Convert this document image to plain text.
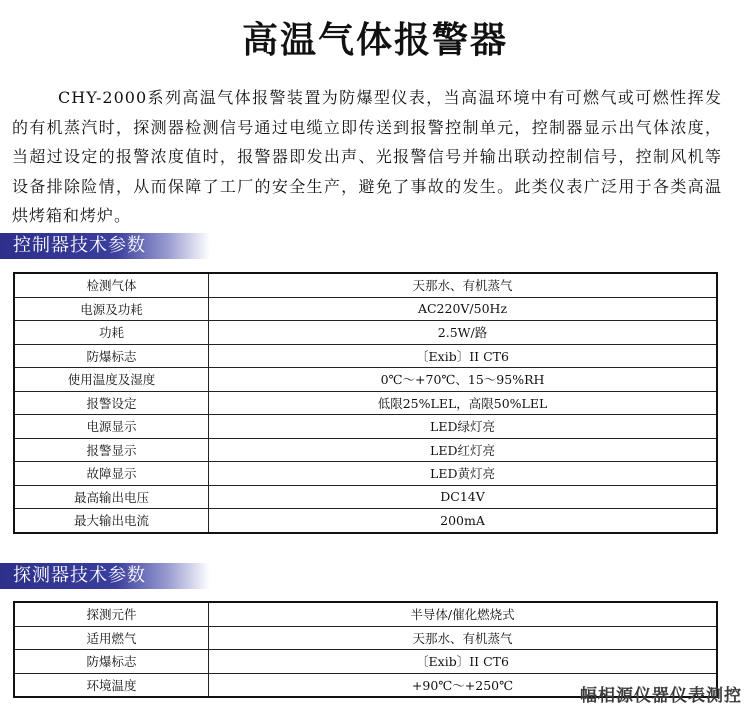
高温气体报警器
CHY-2000系列高温气体报警装置为防爆型仪表，当高温环境中有可燃气或可燃性挥发的有机蒸汽时，探测器检测信号通过电缆立即传送到报警控制单元，控制器显示出气体浓度，当超过设定的报警浓度值时，报警器即发出声、光报警信号并输出联动控制信号，控制风机等设备排除险情，从而保障了工厂的安全生产，避免了事故的发生。此类仪表广泛用于各类高温烘烤箱和烤炉。
控制器技术参数
检测气体	天那水、有机蒸气
电源及功耗	AC220V/50Hz
功耗	2.5W/路
防爆标志	〔Exib〕II CT6
使用温度及湿度	0℃～+70℃、15～95%RH
报警设定	低限25%LEL，高限50%LEL
电源显示	LED绿灯亮
报警显示	LED红灯亮
故障显示	LED黄灯亮
最高输出电压	DC14V
最大输出电流	200mA
探测器技术参数
探测元件	半导体/催化燃烧式
适用燃气	天那水、有机蒸气
防爆标志	〔Exib〕II CT6
环境温度	+90℃～+250℃
幅相源仪器仪表测控
